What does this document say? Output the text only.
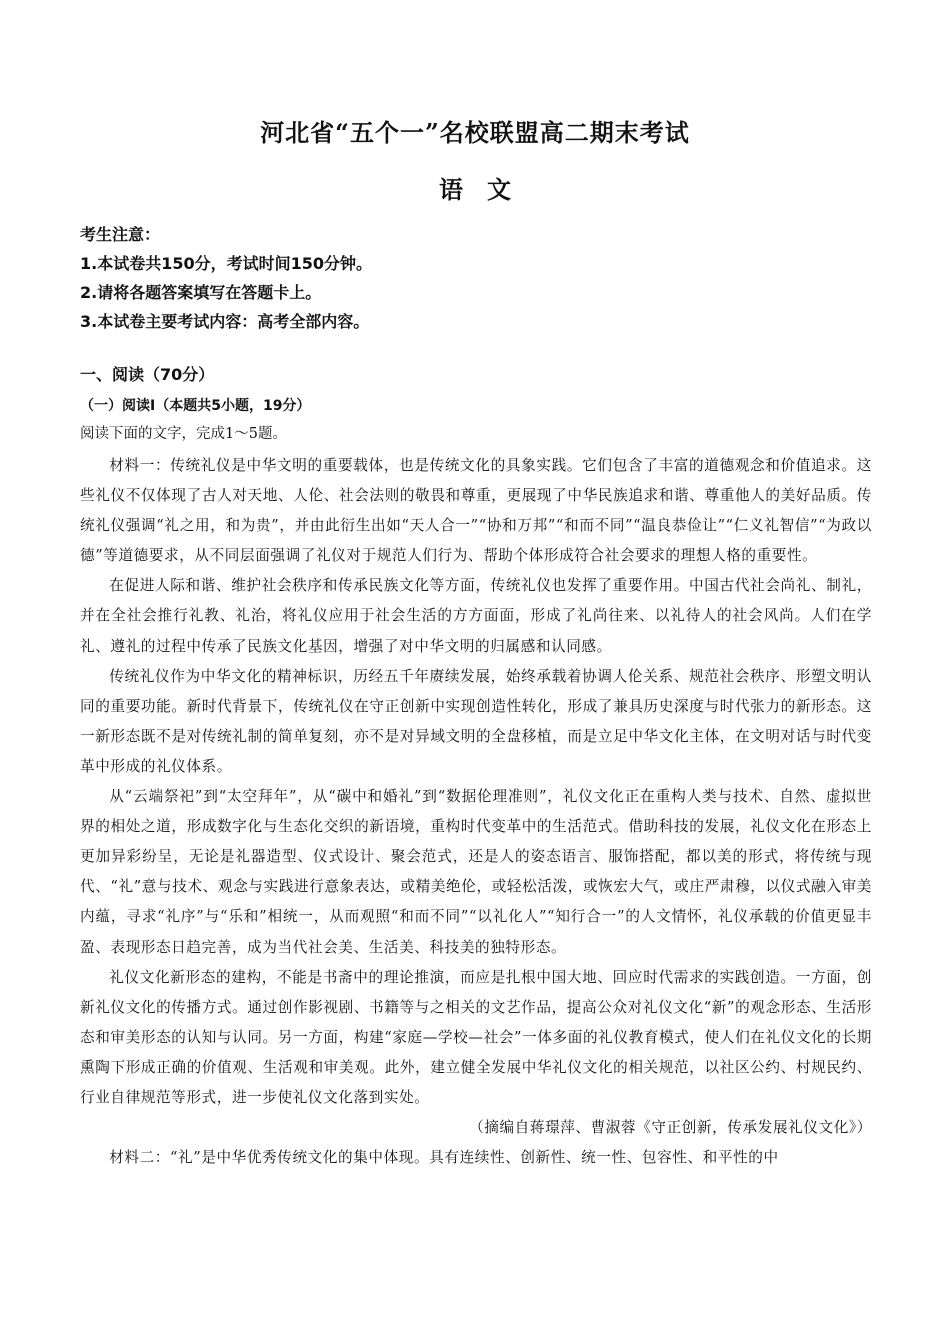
河北省“五个一”名校联盟高二期末考试
语　文
考生注意：
1.本试卷共150分，考试时间150分钟。
2.请将各题答案填写在答题卡上。
3.本试卷主要考试内容：高考全部内容。
一、阅读（70分）
（一）阅读Ⅰ（本题共5小题，19分）
阅读下面的文字，完成1～5题。

材料一：传统礼仪是中华文明的重要载体，也是传统文化的具象实践。它们包含了丰富的道德观念和价值追求。这些礼仪不仅体现了古人对天地、人伦、社会法则的敬畏和尊重，更展现了中华民族追求和谐、尊重他人的美好品质。传统礼仪强调“礼之用，和为贵”，并由此衍生出如“天人合一”“协和万邦”“和而不同”“温良恭俭让”“仁义礼智信”“为政以德”等道德要求，从不同层面强调了礼仪对于规范人们行为、帮助个体形成符合社会要求的理想人格的重要性。

在促进人际和谐、维护社会秩序和传承民族文化等方面，传统礼仪也发挥了重要作用。中国古代社会尚礼、制礼，并在全社会推行礼教、礼治，将礼仪应用于社会生活的方方面面，形成了礼尚往来、以礼待人的社会风尚。人们在学礼、遵礼的过程中传承了民族文化基因，增强了对中华文明的归属感和认同感。

传统礼仪作为中华文化的精神标识，历经五千年赓续发展，始终承载着协调人伦关系、规范社会秩序、形塑文明认同的重要功能。新时代背景下，传统礼仪在守正创新中实现创造性转化，形成了兼具历史深度与时代张力的新形态。这一新形态既不是对传统礼制的简单复刻，亦不是对异域文明的全盘移植，而是立足中华文化主体，在文明对话与时代变革中形成的礼仪体系。

从“云端祭祀”到“太空拜年”，从“碳中和婚礼”到“数据伦理准则”，礼仪文化正在重构人类与技术、自然、虚拟世界的相处之道，形成数字化与生态化交织的新语境，重构时代变革中的生活范式。借助科技的发展，礼仪文化在形态上更加异彩纷呈，无论是礼器造型、仪式设计、聚会范式，还是人的姿态语言、服饰搭配，都以美的形式，将传统与现代、“礼”意与技术、观念与实践进行意象表达，或精美绝伦，或轻松活泼，或恢宏大气，或庄严肃穆，以仪式融入审美内蕴，寻求“礼序”与“乐和”相统一，从而观照“和而不同”“以礼化人”“知行合一”的人文情怀，礼仪承载的价值更显丰盈、表现形态日趋完善，成为当代社会美、生活美、科技美的独特形态。

礼仪文化新形态的建构，不能是书斋中的理论推演，而应是扎根中国大地、回应时代需求的实践创造。一方面，创新礼仪文化的传播方式。通过创作影视剧、书籍等与之相关的文艺作品，提高公众对礼仪文化“新”的观念形态、生活形态和审美形态的认知与认同。另一方面，构建“家庭—学校—社会”一体多面的礼仪教育模式，使人们在礼仪文化的长期熏陶下形成正确的价值观、生活观和审美观。此外，建立健全发展中华礼仪文化的相关规范，以社区公约、村规民约、行业自律规范等形式，进一步使礼仪文化落到实处。

（摘编自蒋璟萍、曹淑蓉《守正创新，传承发展礼仪文化》）

材料二：“礼”是中华优秀传统文化的集中体现。具有连续性、创新性、统一性、包容性、和平性的中
